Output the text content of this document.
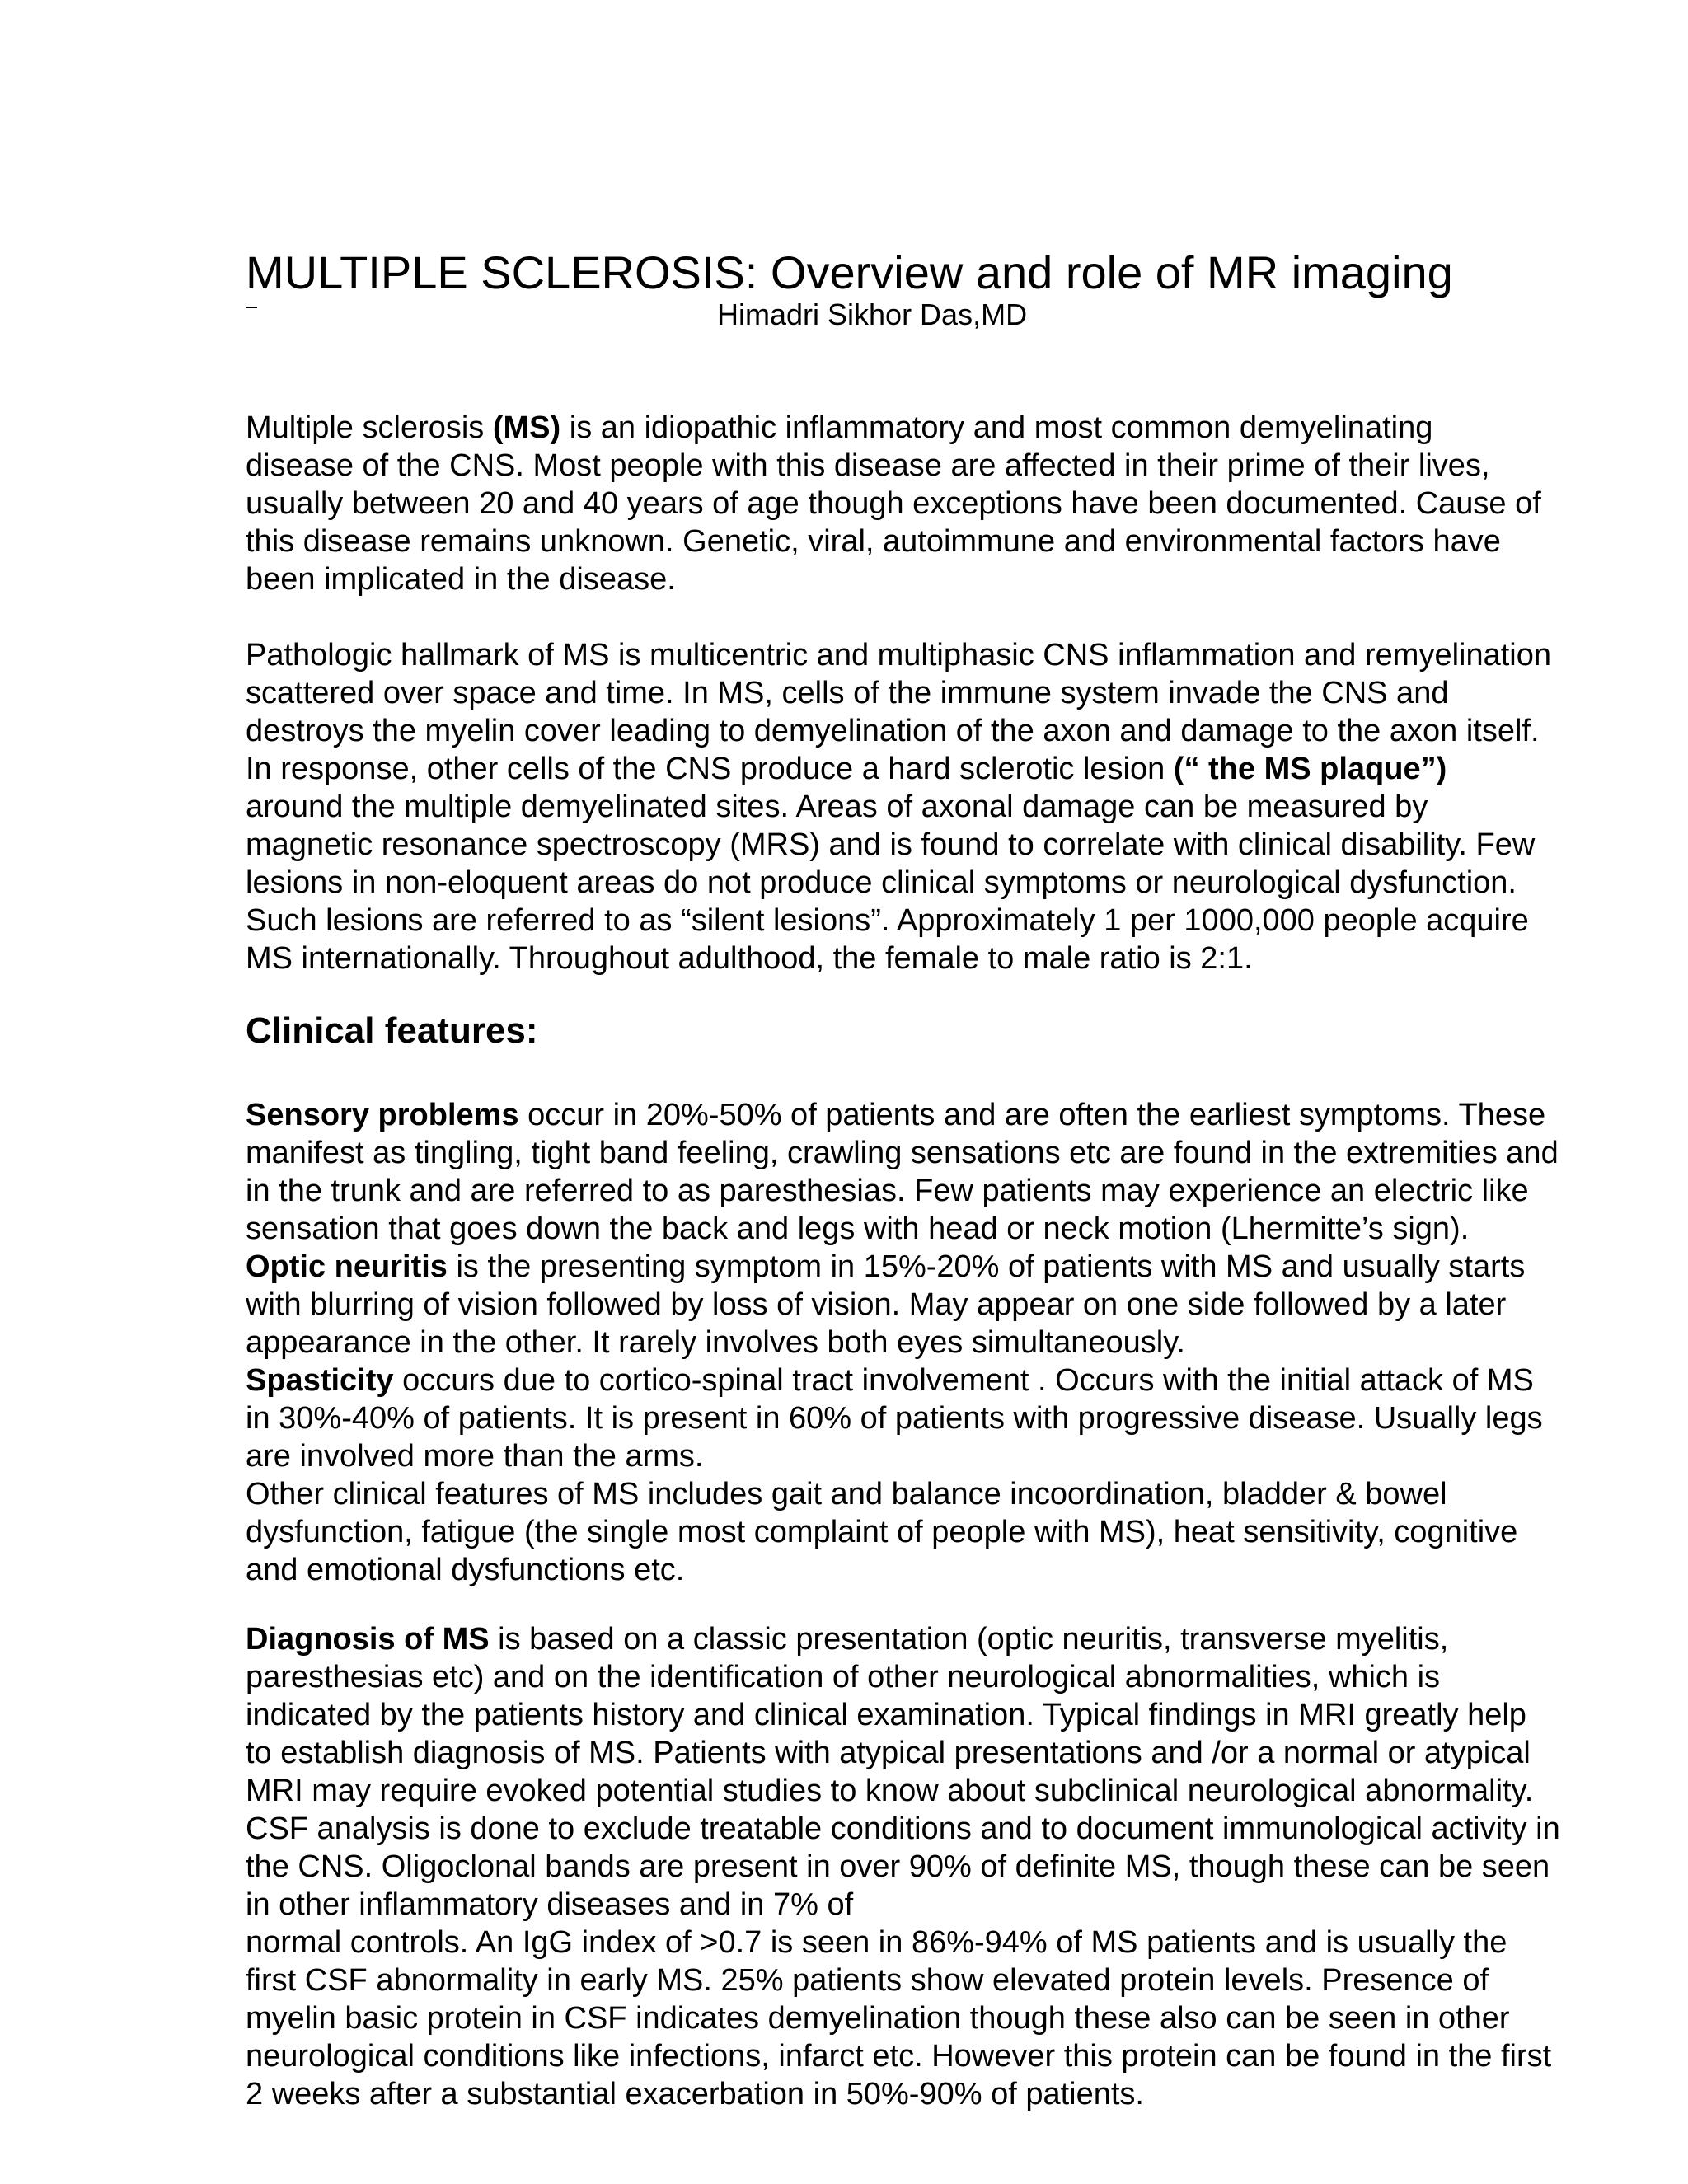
MULTIPLE SCLEROSIS: Overview and role of MR imaging
Himadri Sikhor Das,MD
Multiple sclerosis (MS) is an idiopathic inflammatory and most common demyelinating
disease of the CNS. Most people with this disease are affected in their prime of their lives,
usually between 20 and 40 years of age though exceptions have been documented. Cause of
this disease remains unknown. Genetic, viral, autoimmune and environmental factors have
been implicated in the disease.
Pathologic hallmark of MS is multicentric and multiphasic CNS inflammation and remyelination
scattered over space and time. In MS, cells of the immune system invade the CNS and
destroys the myelin cover leading to demyelination of the axon and damage to the axon itself.
In response, other cells of the CNS produce a hard sclerotic lesion (“ the MS plaque”)
around the multiple demyelinated sites. Areas of axonal damage can be measured by
magnetic resonance spectroscopy (MRS) and is found to correlate with clinical disability. Few
lesions in non-eloquent areas do not produce clinical symptoms or neurological dysfunction.
Such lesions are referred to as “silent lesions”. Approximately 1 per 1000,000 people acquire
MS internationally. Throughout adulthood, the female to male ratio is 2:1.
Clinical features:
Sensory problems occur in 20%-50% of patients and are often the earliest symptoms. These
manifest as tingling, tight band feeling, crawling sensations etc are found in the extremities and
in the trunk and are referred to as paresthesias. Few patients may experience an electric like
sensation that goes down the back and legs with head or neck motion (Lhermitte’s sign).
Optic neuritis is the presenting symptom in 15%-20% of patients with MS and usually starts
with blurring of vision followed by loss of vision. May appear on one side followed by a later
appearance in the other. It rarely involves both eyes simultaneously.
Spasticity occurs due to cortico-spinal tract involvement . Occurs with the initial attack of MS
in 30%-40% of patients. It is present in 60% of patients with progressive disease. Usually legs
are involved more than the arms.
Other clinical features of MS includes gait and balance incoordination, bladder & bowel
dysfunction, fatigue (the single most complaint of people with MS), heat sensitivity, cognitive
and emotional dysfunctions etc.
Diagnosis of MS is based on a classic presentation (optic neuritis, transverse myelitis,
paresthesias etc) and on the identification of other neurological abnormalities, which is
indicated by the patients history and clinical examination. Typical findings in MRI greatly help
to establish diagnosis of MS. Patients with atypical presentations and /or a normal or atypical
MRI may require evoked potential studies to know about subclinical neurological abnormality.
CSF analysis is done to exclude treatable conditions and to document immunological activity in
the CNS. Oligoclonal bands are present in over 90% of definite MS, though these can be seen
in other inflammatory diseases and in 7% of
normal controls. An IgG index of >0.7 is seen in 86%-94% of MS patients and is usually the
first CSF abnormality in early MS. 25% patients show elevated protein levels. Presence of
myelin basic protein in CSF indicates demyelination though these also can be seen in other
neurological conditions like infections, infarct etc. However this protein can be found in the first
2 weeks after a substantial exacerbation in 50%-90% of patients.
